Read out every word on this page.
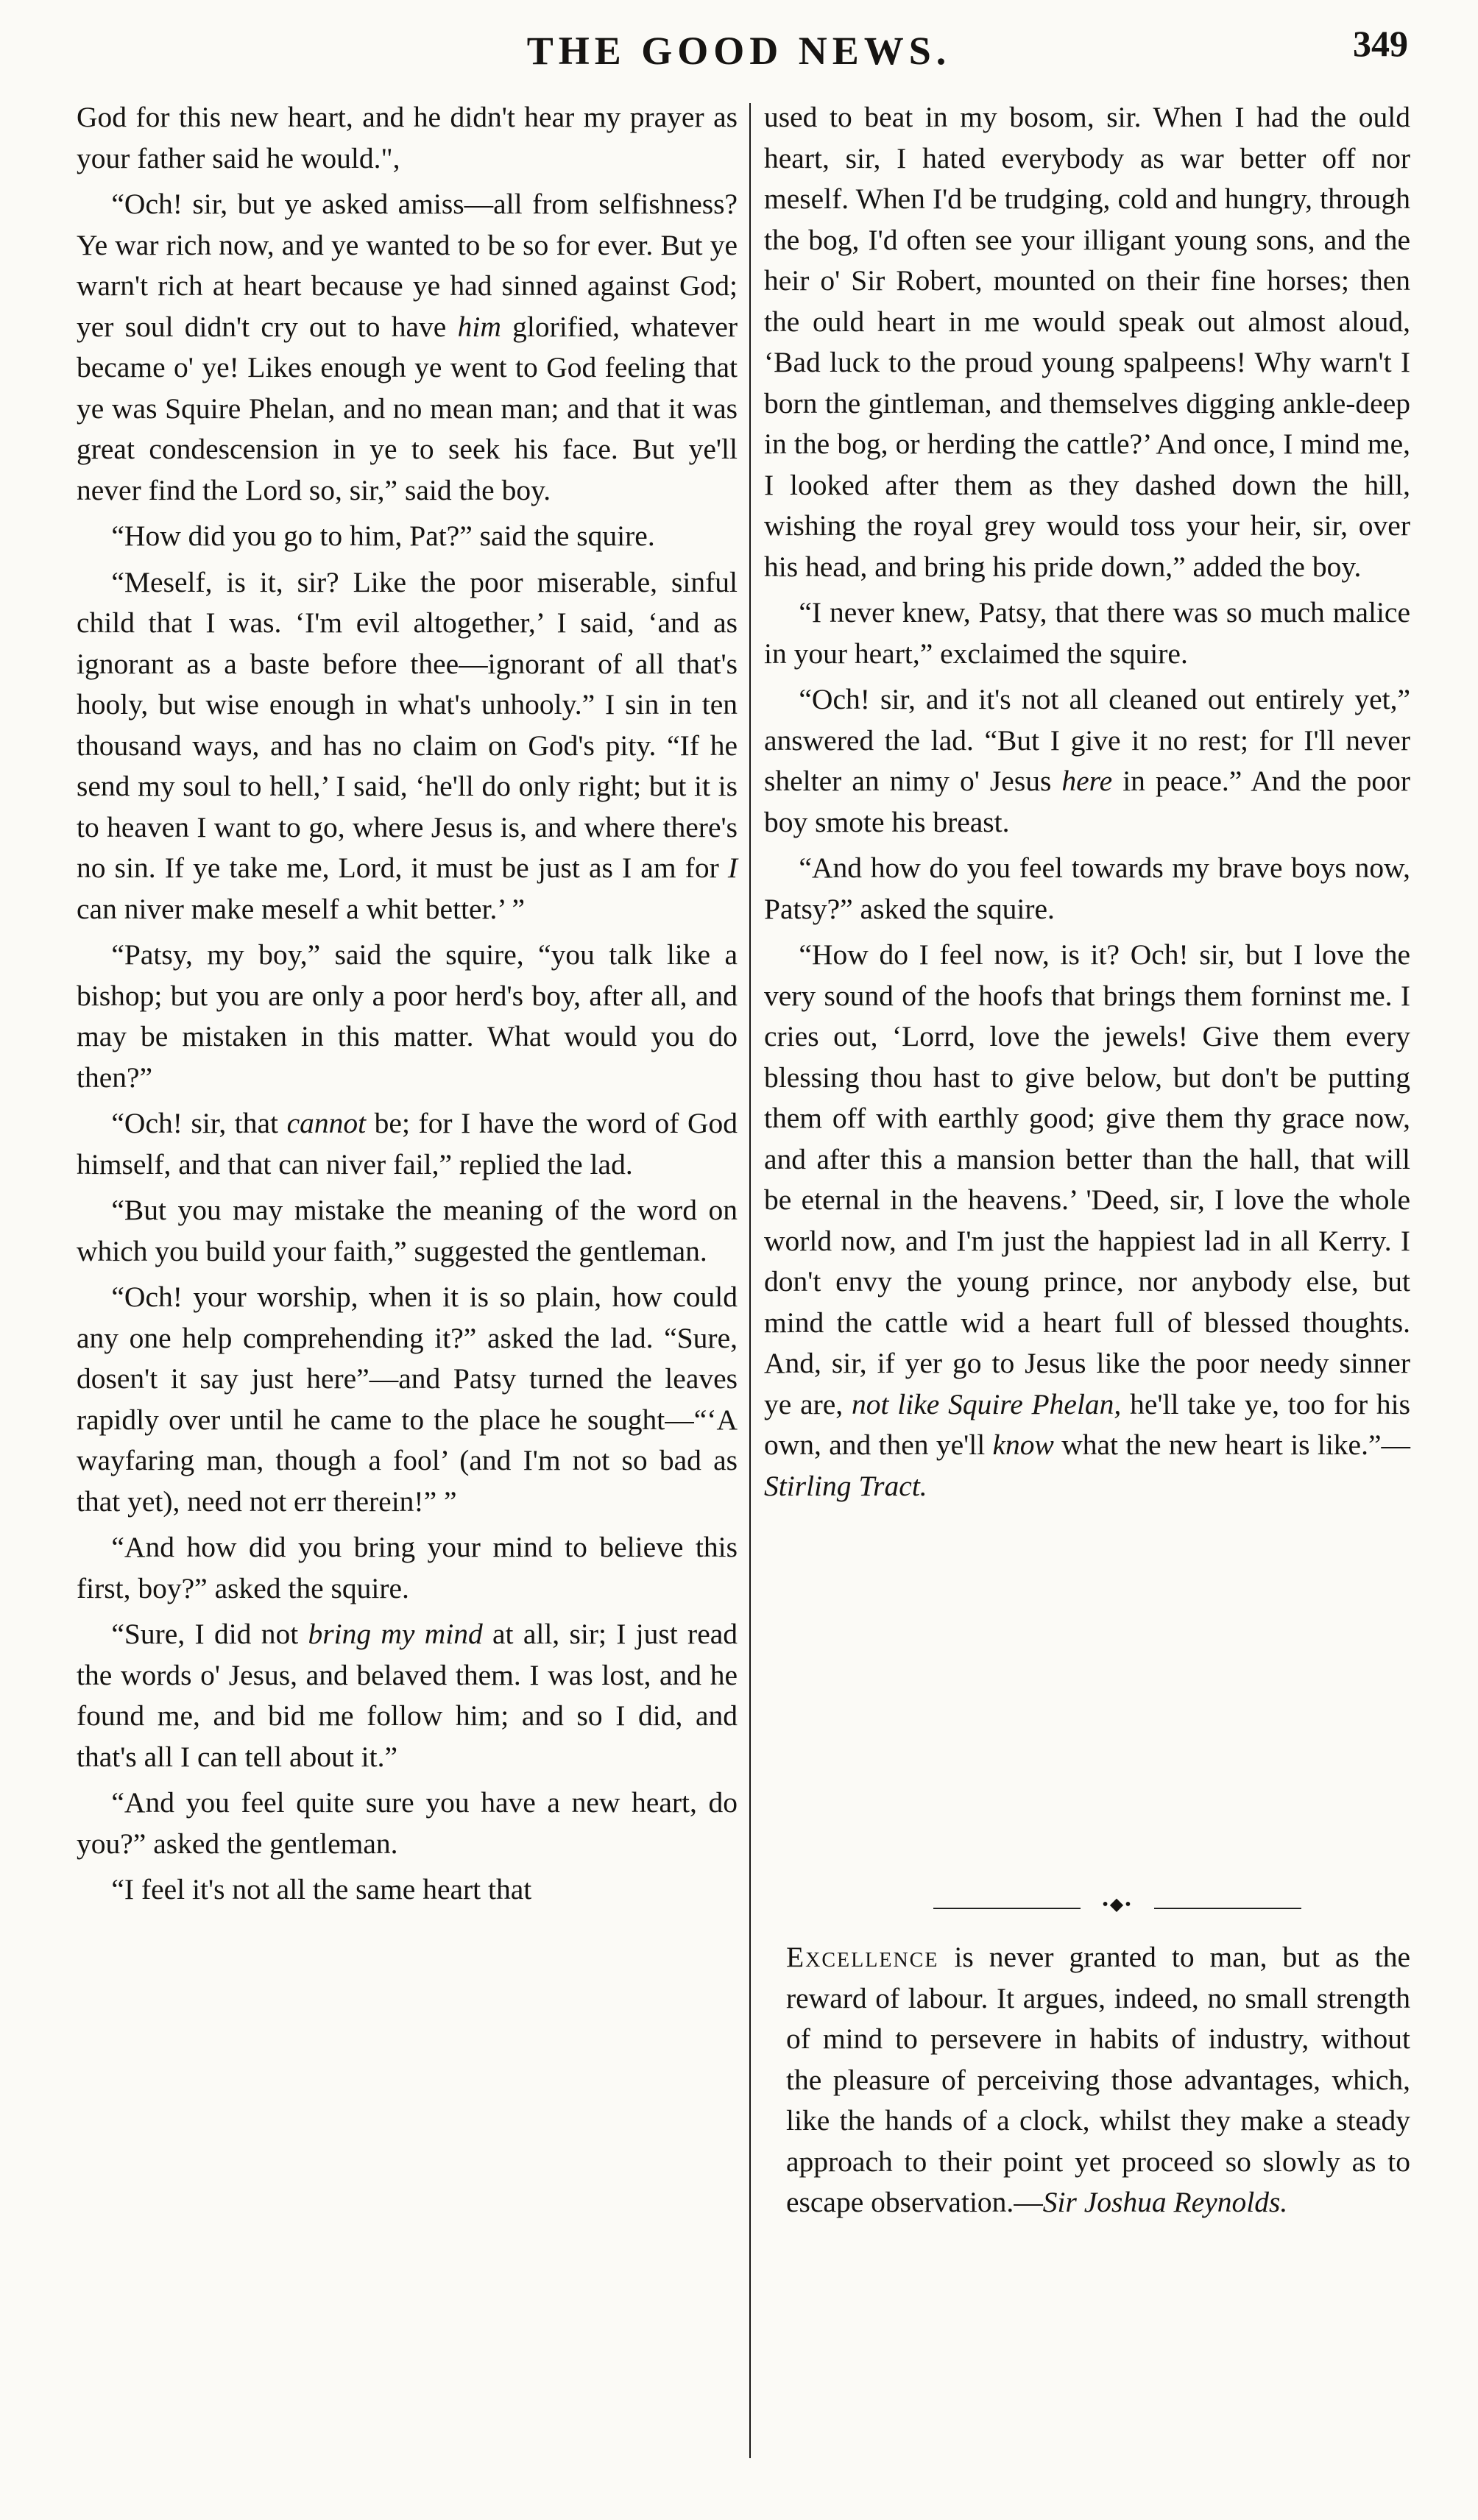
THE GOOD NEWS.	349

God for this new heart, and he didn't hear my prayer as your father said he would.",

“Och! sir, but ye asked amiss—all from selfishness? Ye war rich now, and ye wanted to be so for ever. But ye warn't rich at heart because ye had sinned against God; yer soul didn't cry out to have him glorified, whatever became o' ye! Likes enough ye went to God feeling that ye was Squire Phelan, and no mean man; and that it was great condescension in ye to seek his face. But ye'll never find the Lord so, sir,” said the boy.

“How did you go to him, Pat?” said the squire.

“Meself, is it, sir? Like the poor miserable, sinful child that I was. ‘I'm evil altogether,’ I said, ‘and as ignorant as a baste before thee—ignorant of all that's hooly, but wise enough in what's unhooly.” I sin in ten thousand ways, and has no claim on God's pity. “If he send my soul to hell,’ I said, ‘he'll do only right; but it is to heaven I want to go, where Jesus is, and where there's no sin. If ye take me, Lord, it must be just as I am for I can niver make meself a whit better.’ ”

“Patsy, my boy,” said the squire, “you talk like a bishop; but you are only a poor herd's boy, after all, and may be mistaken in this matter. What would you do then?”

“Och! sir, that cannot be; for I have the word of God himself, and that can niver fail,” replied the lad.

“But you may mistake the meaning of the word on which you build your faith,” suggested the gentleman.

“Och! your worship, when it is so plain, how could any one help comprehending it?” asked the lad. “Sure, dosen't it say just here”—and Patsy turned the leaves rapidly over until he came to the place he sought—“‘A wayfaring man, though a fool’ (and I'm not so bad as that yet), need not err therein!” ”

“And how did you bring your mind to believe this first, boy?” asked the squire.

“Sure, I did not bring my mind at all, sir; I just read the words o' Jesus, and belaved them. I was lost, and he found me, and bid me follow him; and so I did, and that's all I can tell about it.”

“And you feel quite sure you have a new heart, do you?” asked the gentleman.

“I feel it's not all the same heart that

used to beat in my bosom, sir. When I had the ould heart, sir, I hated everybody as war better off nor meself. When I'd be trudging, cold and hungry, through the bog, I'd often see your illigant young sons, and the heir o' Sir Robert, mounted on their fine horses; then the ould heart in me would speak out almost aloud, ‘Bad luck to the proud young spalpeens! Why warn't I born the gintleman, and themselves digging ankle-deep in the bog, or herding the cattle?’ And once, I mind me, I looked after them as they dashed down the hill, wishing the royal grey would toss your heir, sir, over his head, and bring his pride down,” added the boy.

“I never knew, Patsy, that there was so much malice in your heart,” exclaimed the squire.

“Och! sir, and it's not all cleaned out entirely yet,” answered the lad. “But I give it no rest; for I'll never shelter an nimy o' Jesus here in peace.” And the poor boy smote his breast.

“And how do you feel towards my brave boys now, Patsy?” asked the squire.

“How do I feel now, is it? Och! sir, but I love the very sound of the hoofs that brings them forninst me. I cries out, ‘Lorrd, love the jewels! Give them every blessing thou hast to give below, but don't be putting them off with earthly good; give them thy grace now, and after this a mansion better than the hall, that will be eternal in the heavens.’ 'Deed, sir, I love the whole world now, and I'm just the happiest lad in all Kerry. I don't envy the young prince, nor anybody else, but mind the cattle wid a heart full of blessed thoughts. And, sir, if yer go to Jesus like the poor needy sinner ye are, not like Squire Phelan, he'll take ye, too for his own, and then ye'll know what the new heart is like.”—Stirling Tract.

•◆•
Excellence is never granted to man, but as the reward of labour. It argues, indeed, no small strength of mind to persevere in habits of industry, without the pleasure of perceiving those advantages, which, like the hands of a clock, whilst they make a steady approach to their point yet proceed so slowly as to escape observation.—Sir Joshua Reynolds.
